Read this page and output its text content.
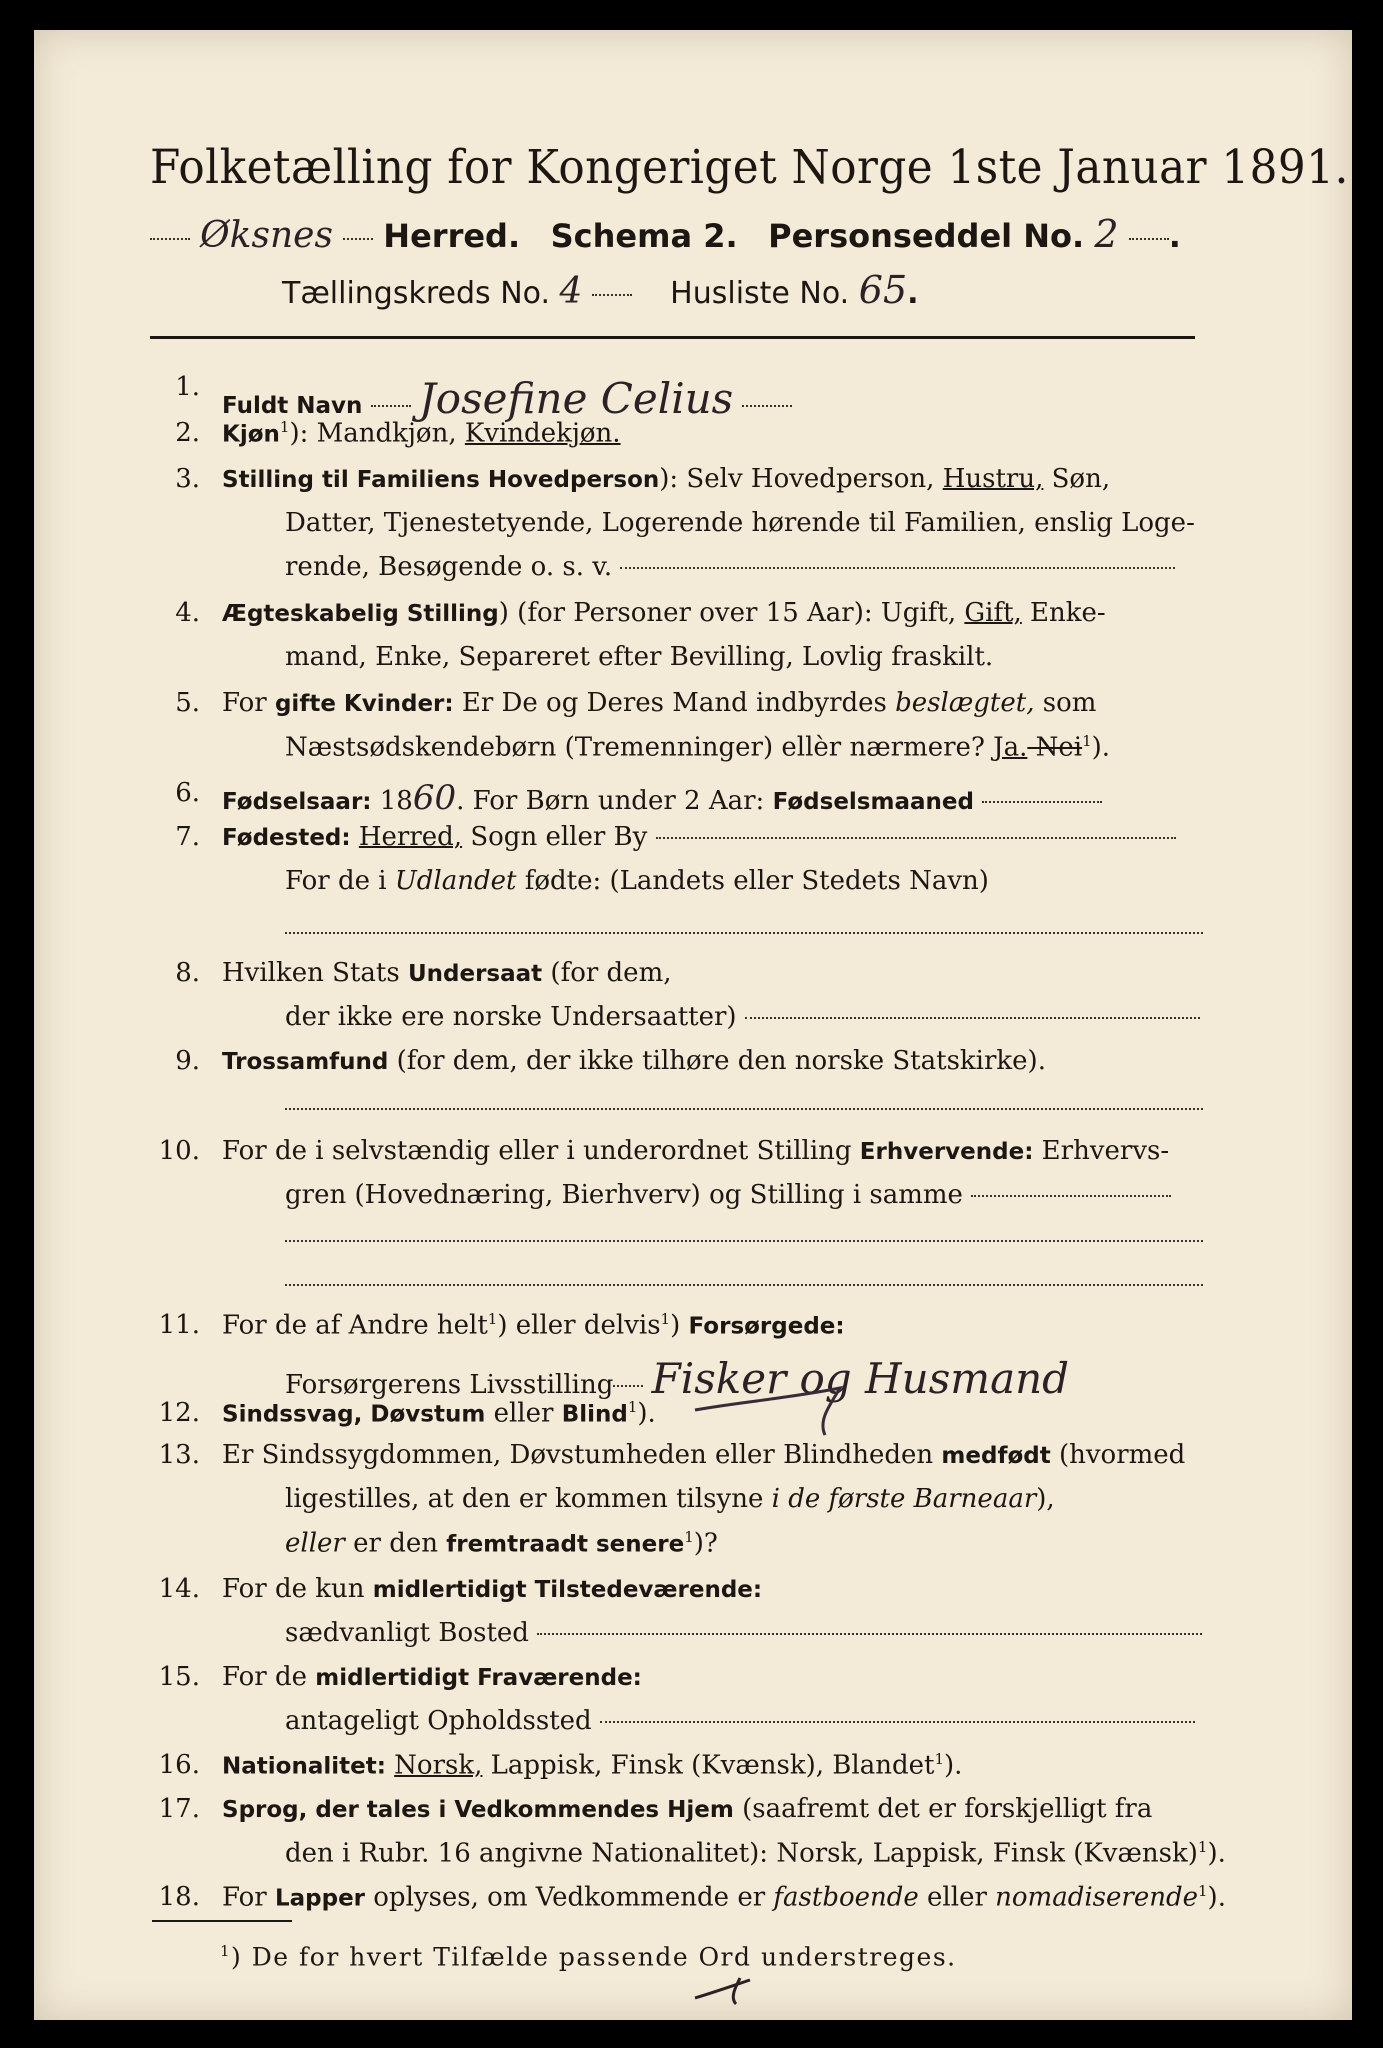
Folketælling for Kongeriget Norge 1ste Januar 1891.
Øksnes Herred. Schema 2. Personseddel No. 2 .
Tællingskreds No. 4	Husliste No. 65.
1.
Fuldt Navn Josefine Celius
2. Kjøn$^1$): Mandkjøn, Kvindekjøn.
3. Stilling til Familiens Hovedperson): Selv Hovedperson, Hustru, Søn,
Datter, Tjenestetyende, Logerende hørende til Familien, enslig Loge-
rende, Besøgende o. s. v.
4. Ægteskabelig Stilling) (for Personer over 15 Aar): Ugift, Gift, Enke-
mand, Enke, Separeret efter Bevilling, Lovlig fraskilt.
5. For gifte Kvinder: Er De og Deres Mand indbyrdes beslægtet, som
Næstsødskendebørn (Tremenninger) ellèr nærmere? Ja. Nei$^1$).
6. Fødselsaar: 1860. For Børn under 2 Aar: Fødselsmaaned
7. Fødested: Herred, Sogn eller By
For de i Udlandet fødte: (Landets eller Stedets Navn)
8. Hvilken Stats Undersaat (for dem,
der ikke ere norske Undersaatter)
9. Trossamfund (for dem, der ikke tilhøre den norske Statskirke).
10. For de i selvstændig eller i underordnet Stilling Erhvervende: Erhvervs-
gren (Hovednæring, Bierhverv) og Stilling i samme
11. For de af Andre helt$^1$) eller delvis$^1$) Forsørgede:
Forsørgerens Livsstilling Fisker og Husmand
12. Sindssvag, Døvstum eller Blind$^1$).
13. Er Sindssygdommen, Døvstumheden eller Blindheden medfødt (hvormed
ligestilles, at den er kommen tilsyne i de første Barneaar),
eller er den fremtraadt senere$^1$)?
14. For de kun midlertidigt Tilstedeværende:
sædvanligt Bosted
15. For de midlertidigt Fraværende:
antageligt Opholdssted
16. Nationalitet: Norsk, Lappisk, Finsk (Kvænsk), Blandet$^1$).
17. Sprog, der tales i Vedkommendes Hjem (saafremt det er forskjelligt fra
den i Rubr. 16 angivne Nationalitet): Norsk, Lappisk, Finsk (Kvænsk)$^1$).
18. For Lapper oplyses, om Vedkommende er fastboende eller nomadiserende$^1$).
$^1$) De for hvert Tilfælde passende Ord understreges.
